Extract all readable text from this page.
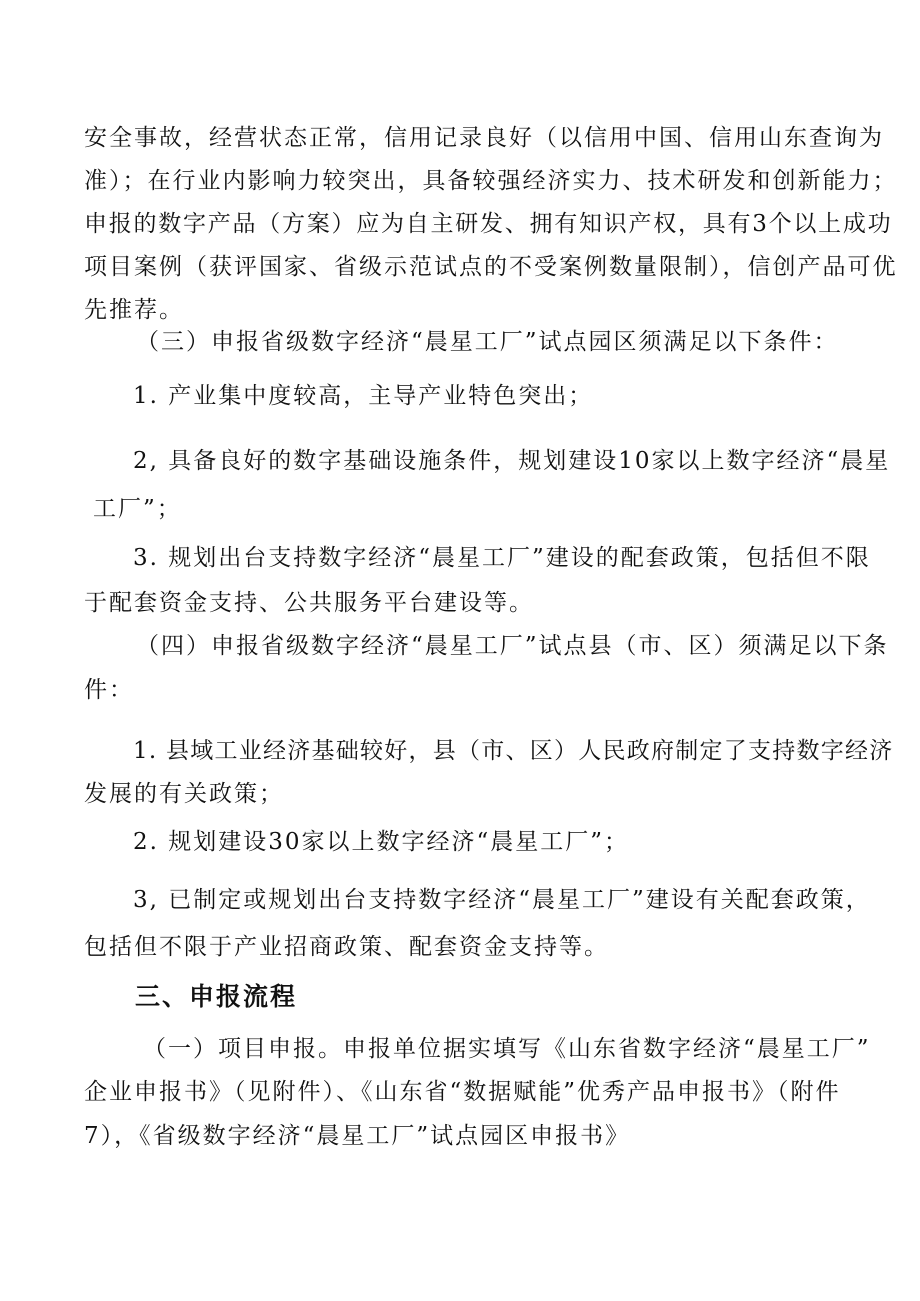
安全事故，经营状态正常，信用记录良好（以信用中国、信用山东查询为
准）；在行业内影响力较突出，具备较强经济实力、技术研发和创新能力；
申报的数字产品（方案）应为自主研发、拥有知识产权，具有3个以上成功
项目案例（获评国家、省级示范试点的不受案例数量限制），信创产品可优
先推荐。
（三）申报省级数字经济“晨星工厂”试点园区须满足以下条件：
1. 产业集中度较高，主导产业特色突出；
2, 具备良好的数字基础设施条件，规划建设10家以上数字经济“晨星
工厂”；
3. 规划出台支持数字经济“晨星工厂”建设的配套政策，包括但不限
于配套资金支持、公共服务平台建设等。
（四）申报省级数字经济“晨星工厂”试点县（市、区）须满足以下条
件：
1. 县域工业经济基础较好，县（市、区）人民政府制定了支持数字经济
发展的有关政策；
2. 规划建设30家以上数字经济“晨星工厂”；
3, 已制定或规划出台支持数字经济“晨星工厂”建设有关配套政策，
包括但不限于产业招商政策、配套资金支持等。
三、申报流程
（一）项目申报。申报单位据实填写《山东省数字经济“晨星工厂”
企业申报书》（见附件）、《山东省“数据赋能”优秀产品申报书》（附件
7），《省级数字经济“晨星工厂”试点园区申报书》
